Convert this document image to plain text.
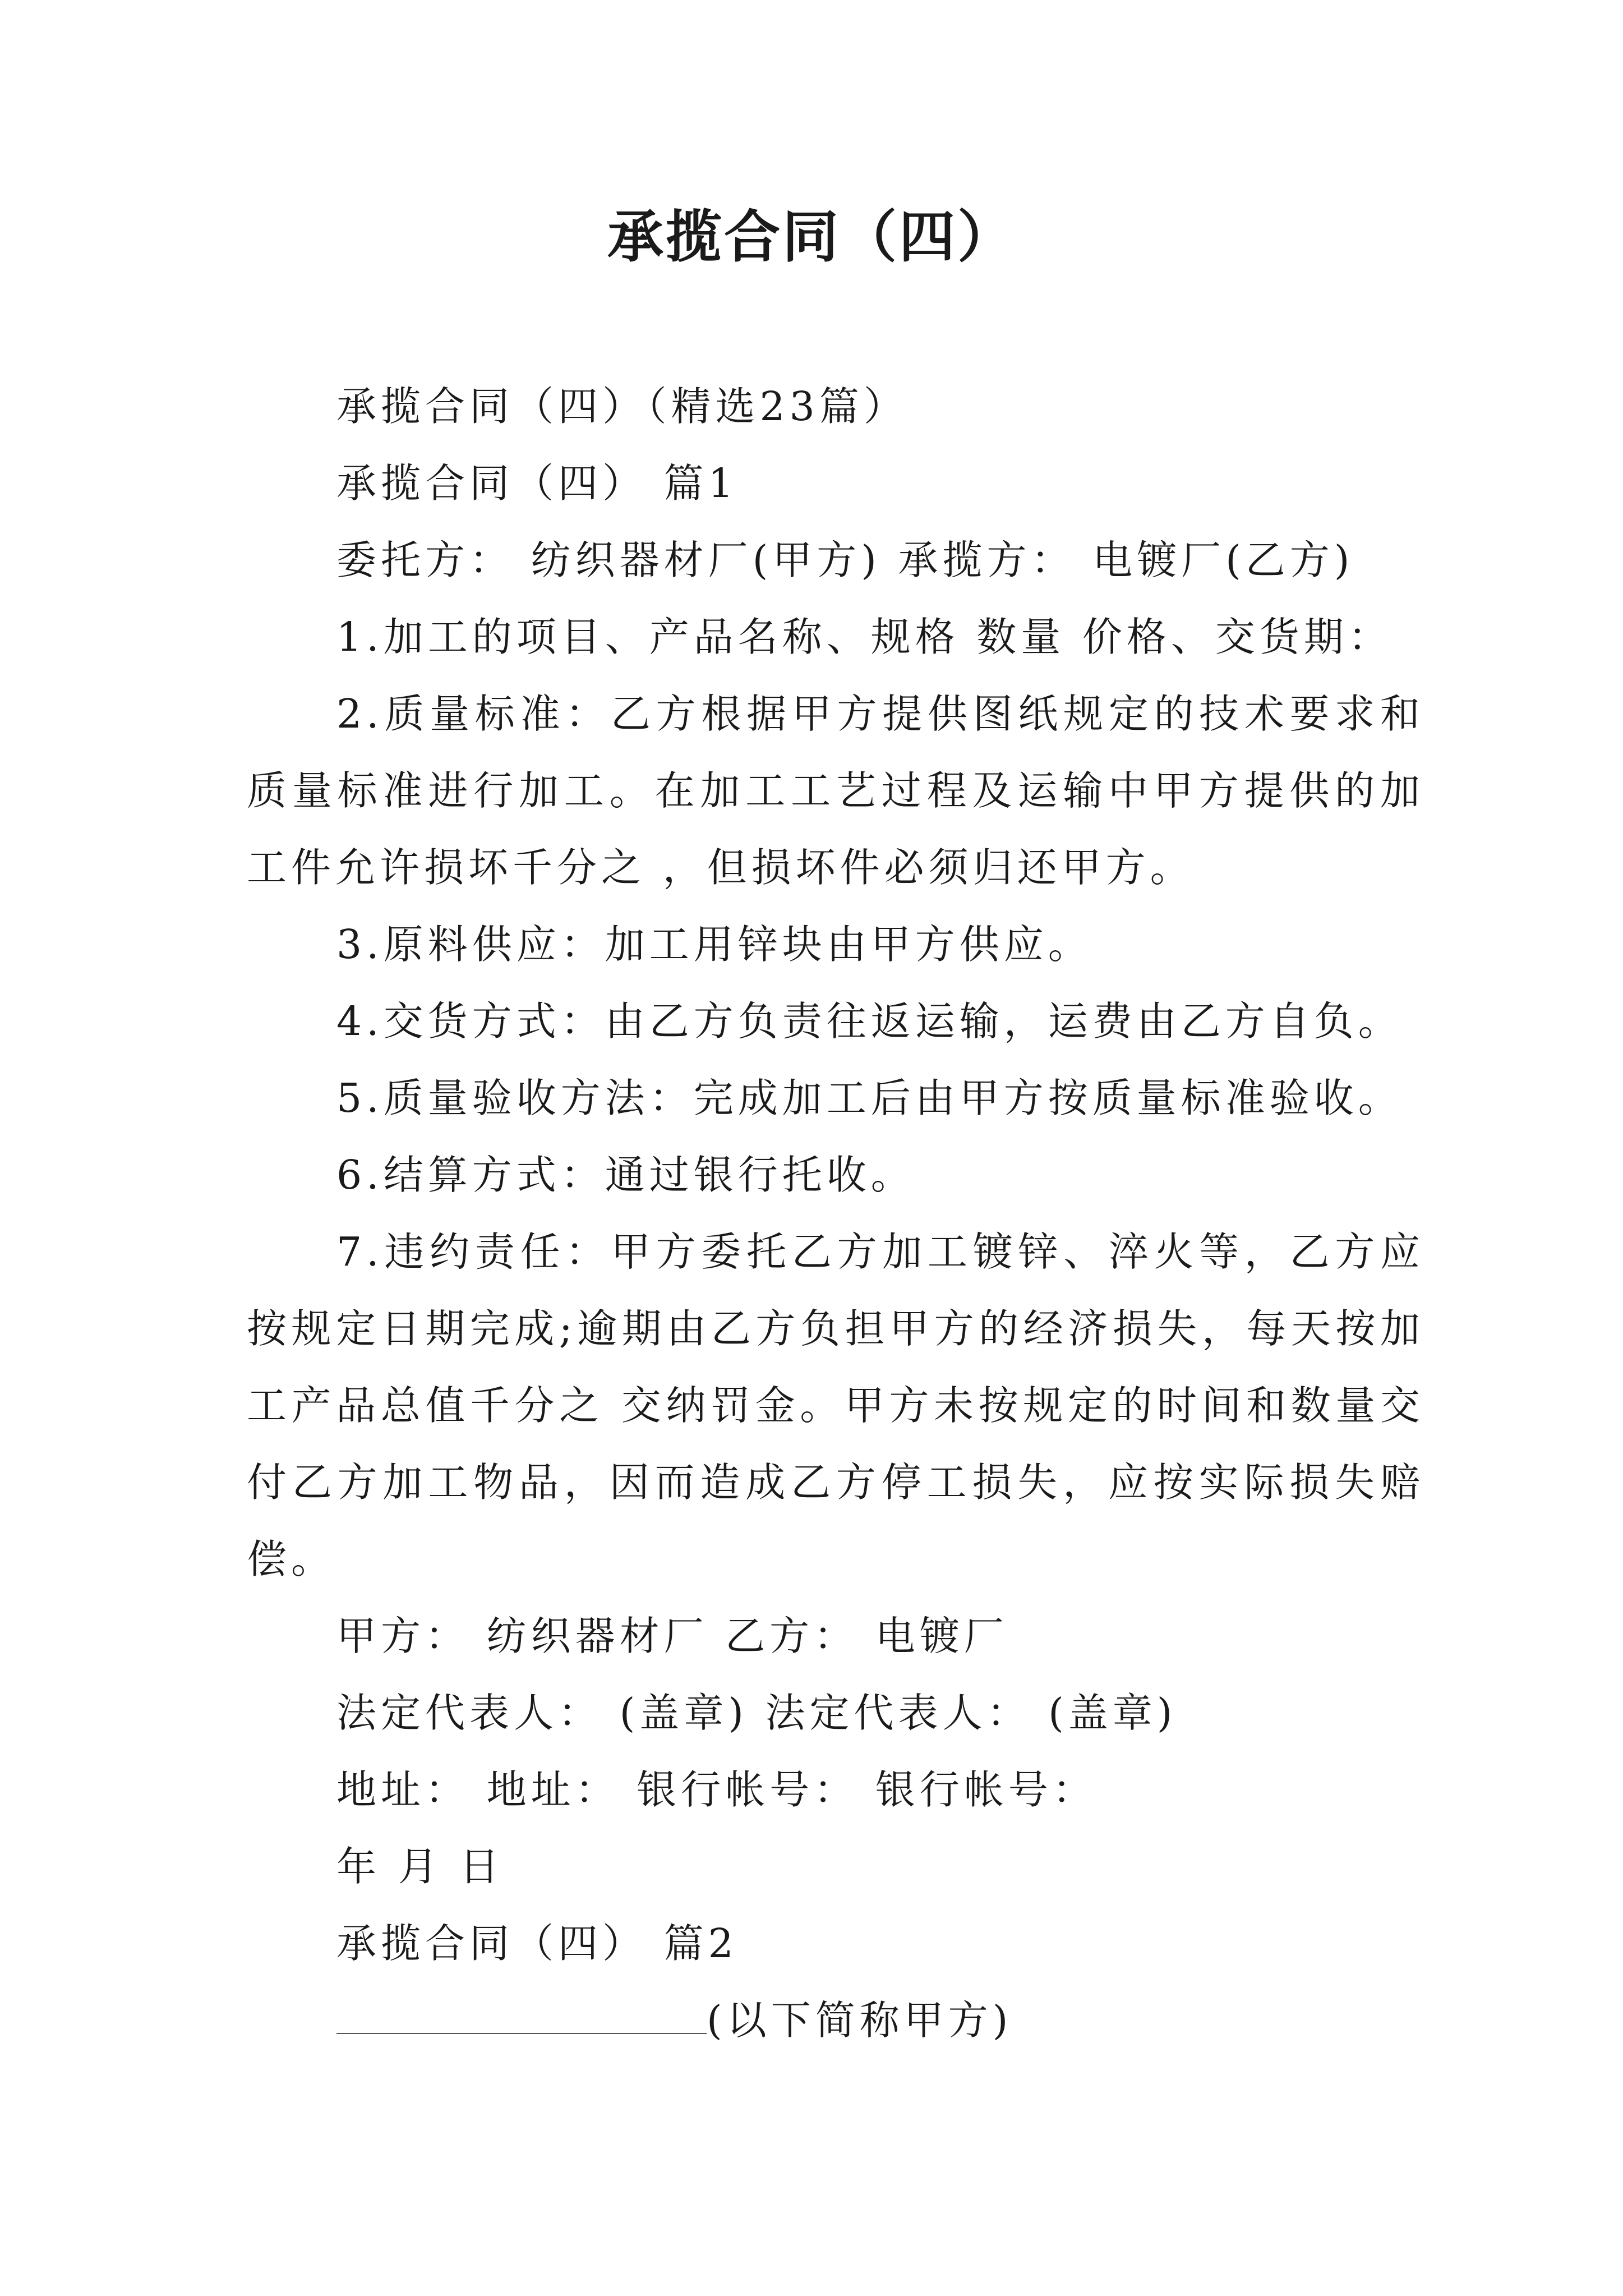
承揽合同（四）

承揽合同（四）（精选23篇）

承揽合同（四） 篇1

委托方： 纺织器材厂(甲方) 承揽方： 电镀厂(乙方)

1.加工的项目、产品名称、规格 数量 价格、交货期：

2.质量标准：乙方根据甲方提供图纸规定的技术要求和质量标准进行加工。在加工工艺过程及运输中甲方提供的加工件允许损坏千分之 ，但损坏件必须归还甲方。

3.原料供应：加工用锌块由甲方供应。

4.交货方式：由乙方负责往返运输，运费由乙方自负。

5.质量验收方法：完成加工后由甲方按质量标准验收。

6.结算方式：通过银行托收。

7.违约责任：甲方委托乙方加工镀锌、淬火等，乙方应按规定日期完成;逾期由乙方负担甲方的经济损失，每天按加工产品总值千分之 交纳罚金。甲方未按规定的时间和数量交付乙方加工物品，因而造成乙方停工损失，应按实际损失赔偿。

甲方： 纺织器材厂 乙方： 电镀厂

法定代表人： (盖章) 法定代表人： (盖章)

地址： 地址： 银行帐号： 银行帐号：

年 月 日

承揽合同（四） 篇2

(以下简称甲方)
